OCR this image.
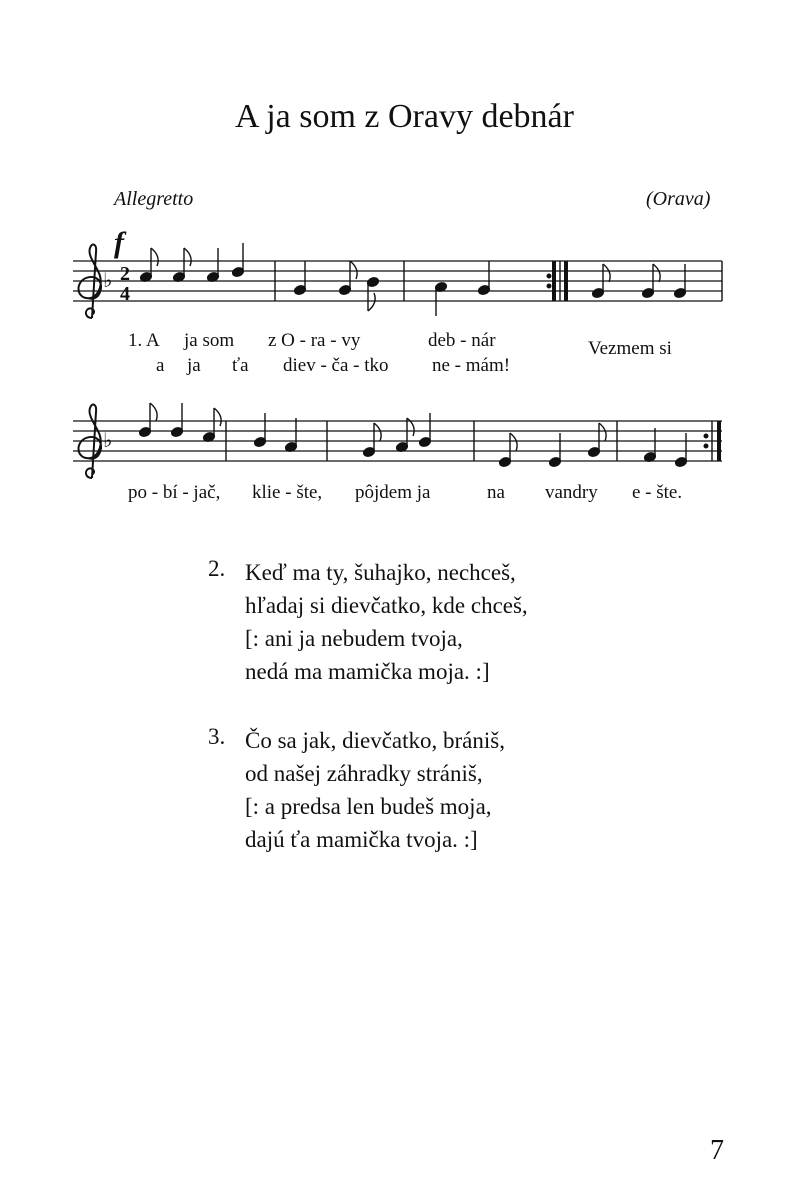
A ja som z Oravy debnár
Allegretto	(Orava)
f
♭ 2
4
♭
1. A ja som z O - ra - vy	deb - nár
a ja ťa diev - ča - tko ne - mám!
Vezmem si
po - bí - jač, klie - šte, pôjdem ja	na vandry e - šte.
2. Keď ma ty, šuhajko, nechceš,
hľadaj si dievčatko, kde chceš,
[: ani ja nebudem tvoja,
nedá ma mamička moja. :]
3. Čo sa jak, dievčatko, brániš,
od našej záhradky strániš,
[: a predsa len budeš moja,
dajú ťa mamička tvoja. :]
7
